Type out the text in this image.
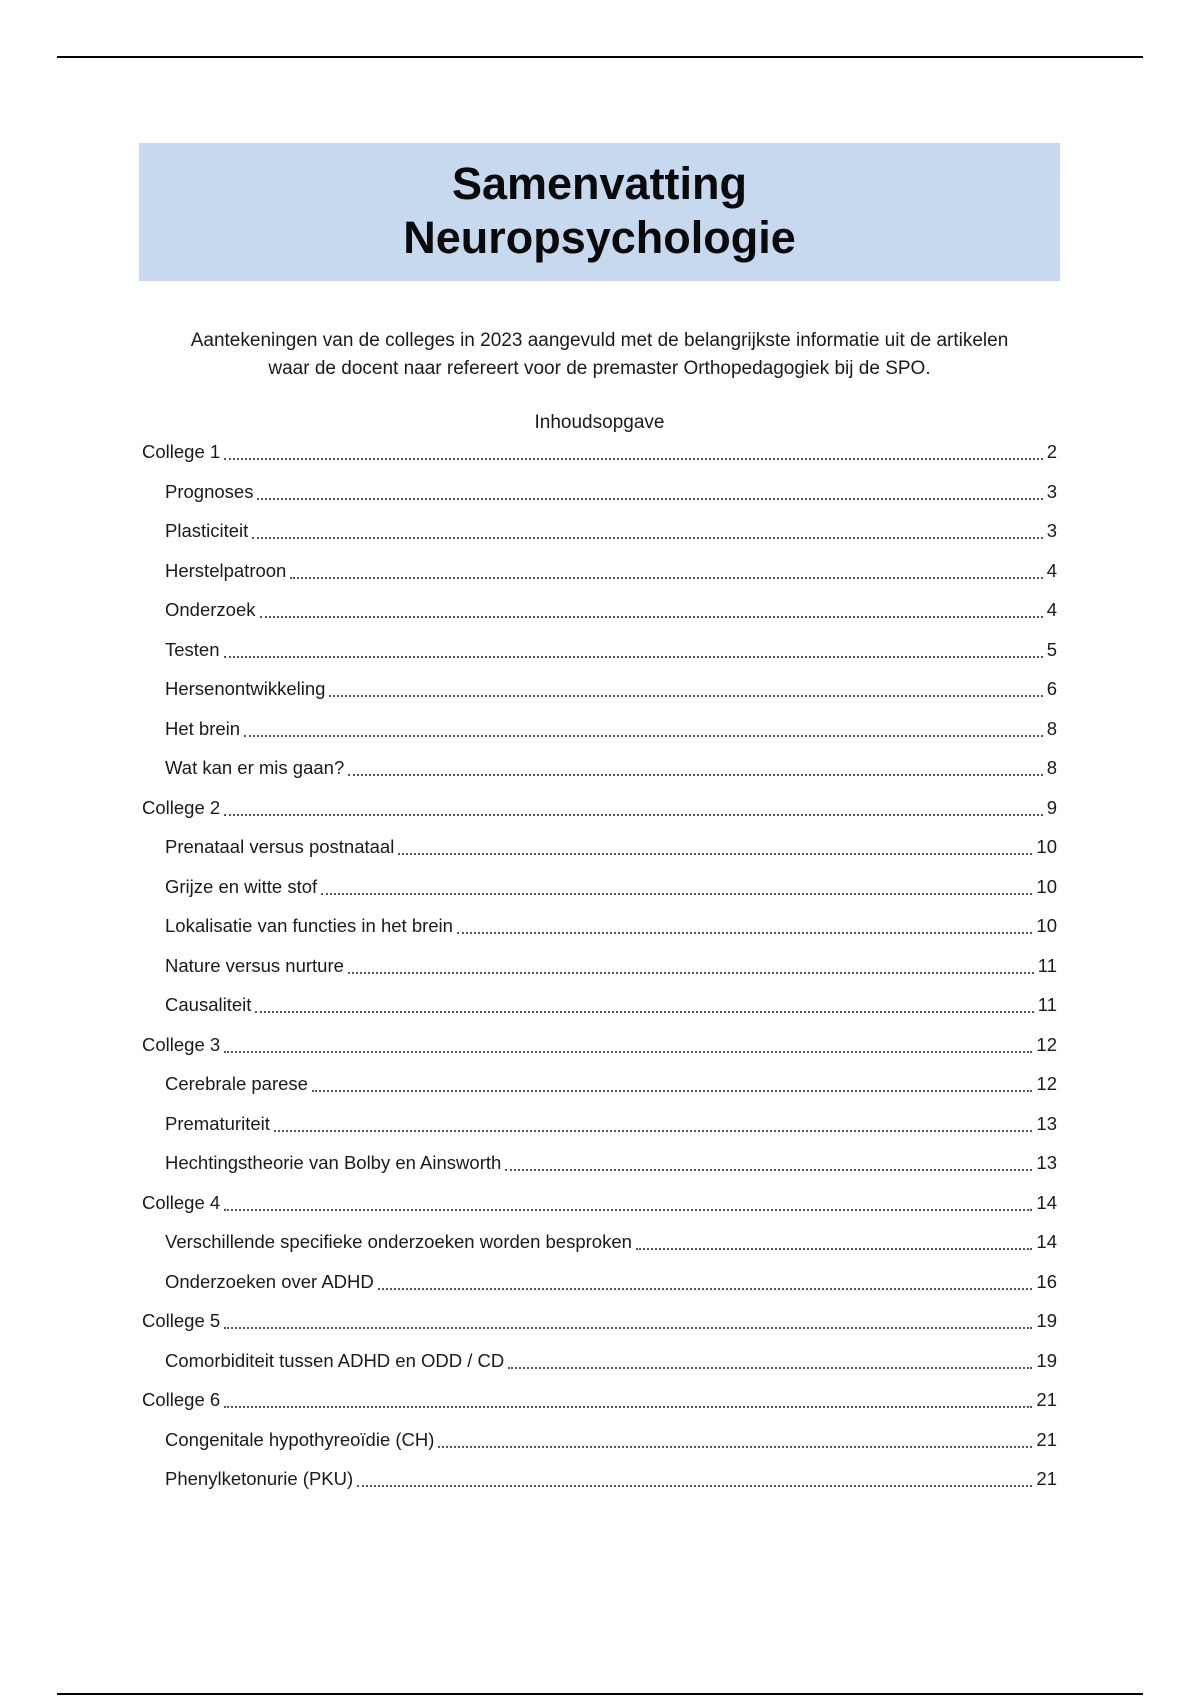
Samenvatting
Neuropsychologie
Aantekeningen van de colleges in 2023 aangevuld met de belangrijkste informatie uit de artikelen
waar de docent naar refereert voor de premaster Orthopedagogiek bij de SPO.
Inhoudsopgave
College 1	2
Prognoses	3
Plasticiteit	3
Herstelpatroon	4
Onderzoek	4
Testen	5
Hersenontwikkeling	6
Het brein	8
Wat kan er mis gaan?	8
College 2	9
Prenataal versus postnataal	10
Grijze en witte stof	10
Lokalisatie van functies in het brein	10
Nature versus nurture	11
Causaliteit	11
College 3	12
Cerebrale parese	12
Prematuriteit	13
Hechtingstheorie van Bolby en Ainsworth	13
College 4	14
Verschillende specifieke onderzoeken worden besproken	14
Onderzoeken over ADHD	16
College 5	19
Comorbiditeit tussen ADHD en ODD / CD	19
College 6	21
Congenitale hypothyreoïdie (CH)	21
Phenylketonurie (PKU)	21
